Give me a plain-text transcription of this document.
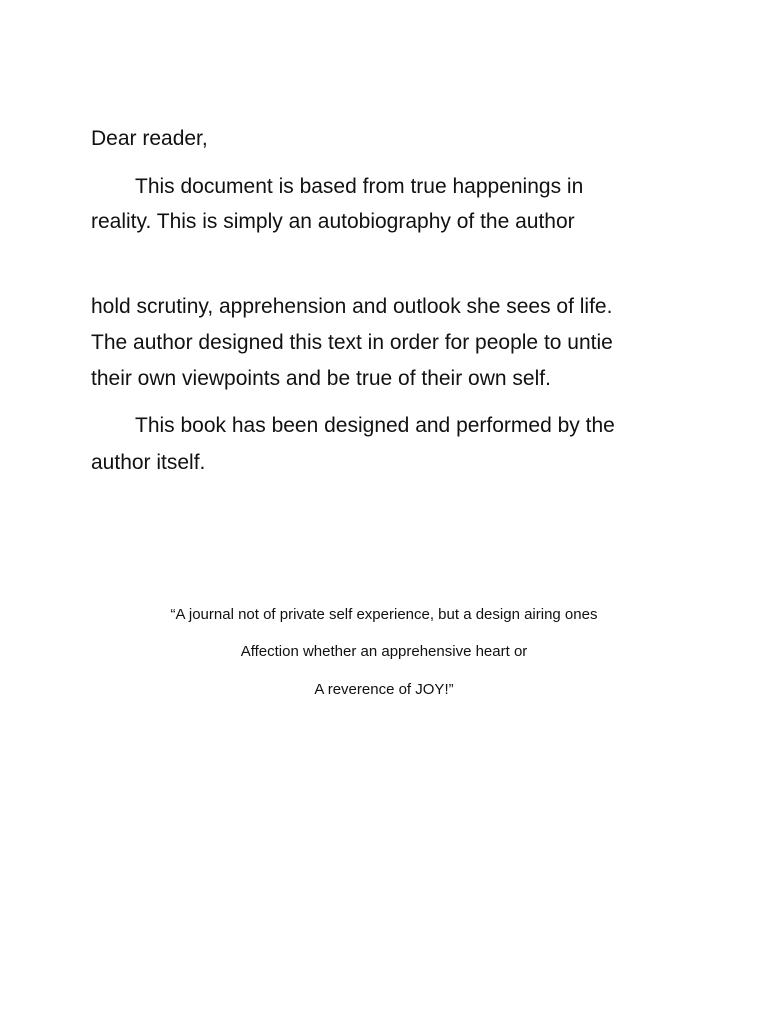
Dear reader,
This document is based from true happenings in
reality. This is simply an autobiography of the author
hold scrutiny, apprehension and outlook she sees of life.
The author designed this text in order for people to untie
their own viewpoints and be true of their own self.
This book has been designed and performed by the
author itself.
“A journal not of private self experience, but a design airing ones
Affection whether an apprehensive heart or
A reverence of JOY!”
